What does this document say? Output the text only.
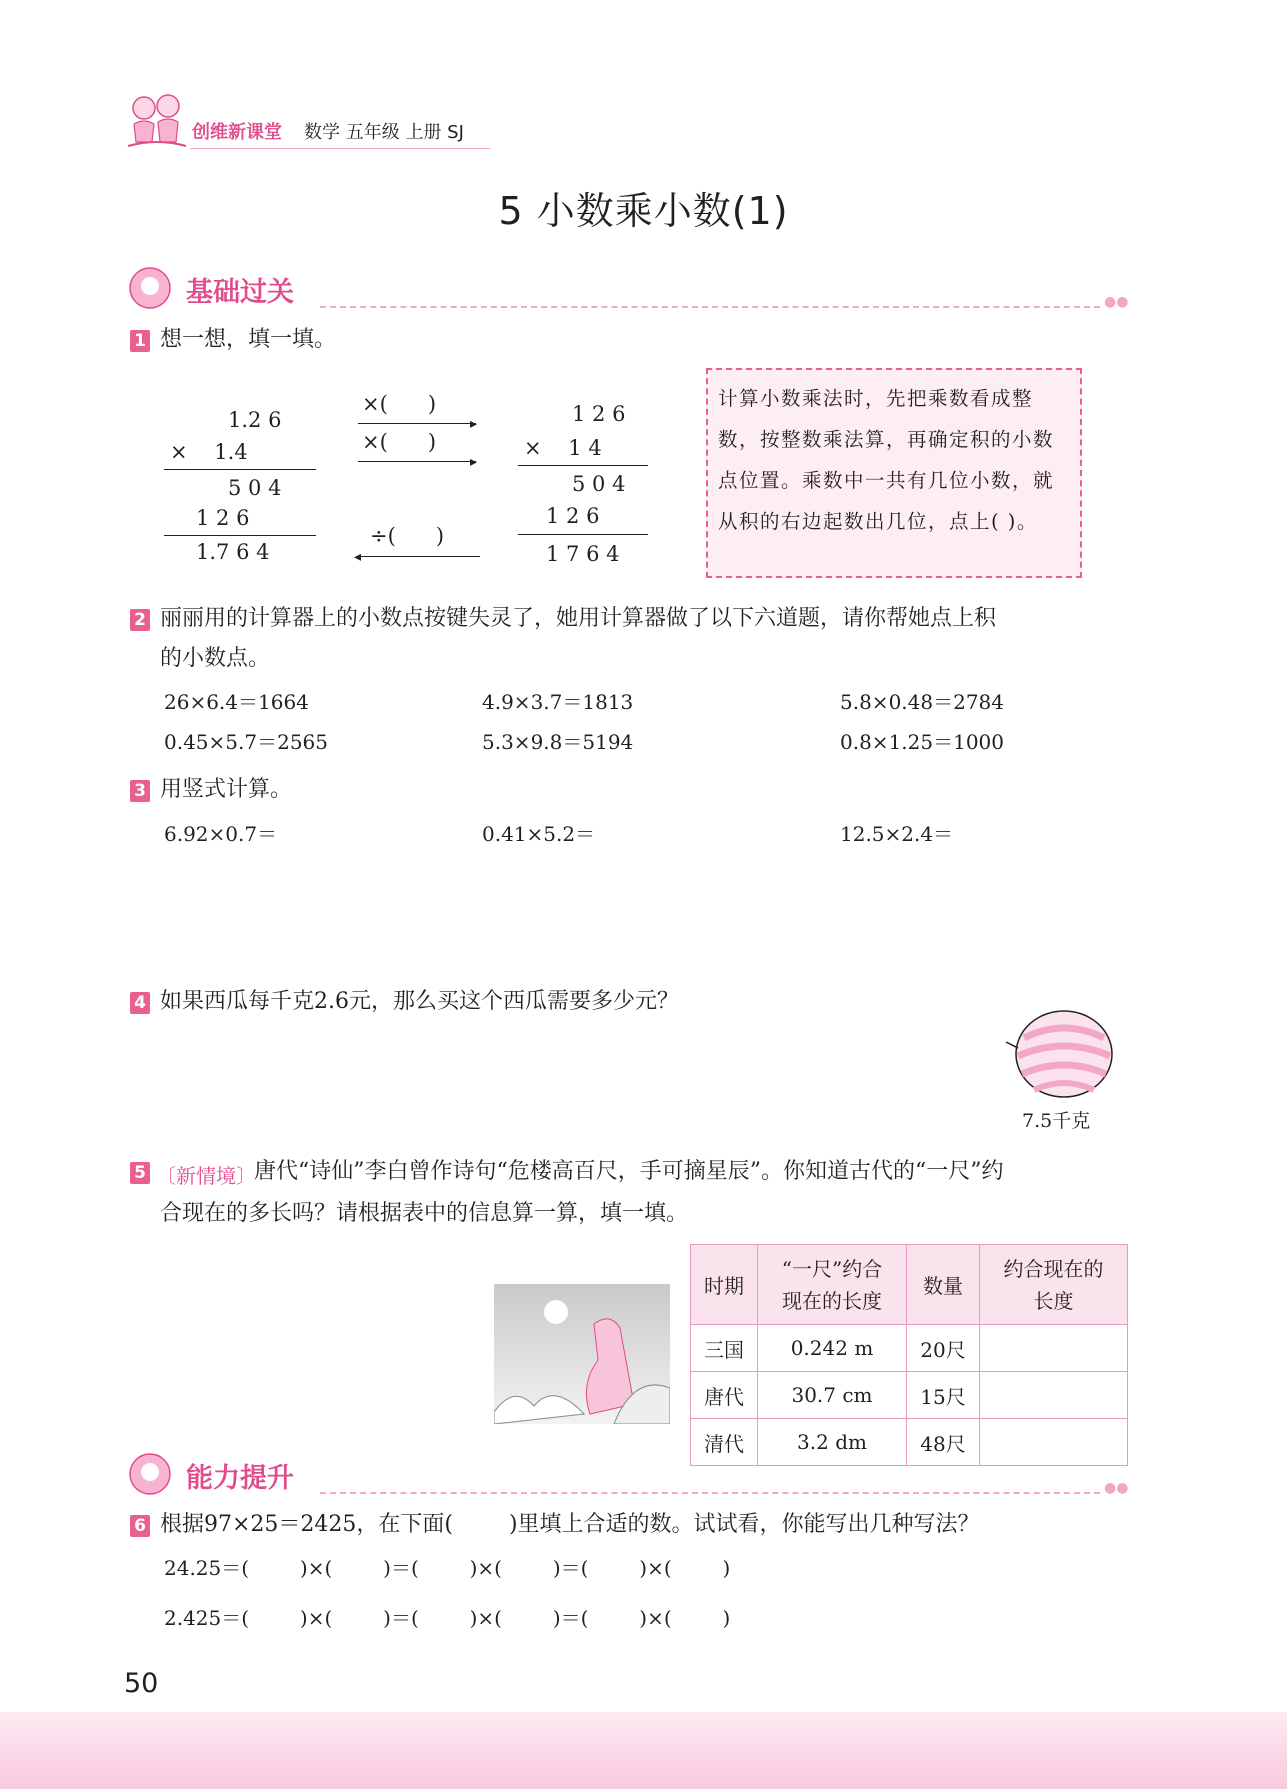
创维新课堂 数学 五年级 上册 SJ
5 小数乘小数(1)
基础过关	●●
1 想一想，填一填。
1.2 6
×    1.4
5 0 4
1 2 6
1.7 6 4
×(      )
▸
×(      )
▸
÷(      )
◂
1 2 6
×    1 4
5 0 4
1 2 6
1 7 6 4
计算小数乘法时，先把乘数看成整数，按整数乘法算，再确定积的小数点位置。乘数中一共有几位小数，就从积的右边起数出几位，点上( )。
2 丽丽用的计算器上的小数点按键失灵了，她用计算器做了以下六道题，请你帮她点上积
的小数点。
26×6.4＝1664	4.9×3.7＝1813	5.8×0.48＝2784
0.45×5.7＝2565	5.3×9.8＝5194	0.8×1.25＝1000
3 用竖式计算。
6.92×0.7＝	0.41×5.2＝	12.5×2.4＝
4 如果西瓜每千克2.6元，那么买这个西瓜需要多少元？
7.5千克
5 〔新情境〕
唐代“诗仙”李白曾作诗句“危楼高百尺，手可摘星辰”。你知道古代的“一尺”约
合现在的多长吗？请根据表中的信息算一算，填一填。
时期	“一尺”约合
现在的长度	数量	约合现在的
长度
三国	0.242 m	20尺	
唐代	30.7 cm	15尺	
清代	3.2 dm	48尺	
能力提升	●●
6 根据97×25＝2425，在下面(        )里填上合适的数。试试看，你能写出几种写法？
24.25＝(        )×(        )＝(        )×(        )＝(        )×(        )
2.425＝(        )×(        )＝(        )×(        )＝(        )×(        )
50
